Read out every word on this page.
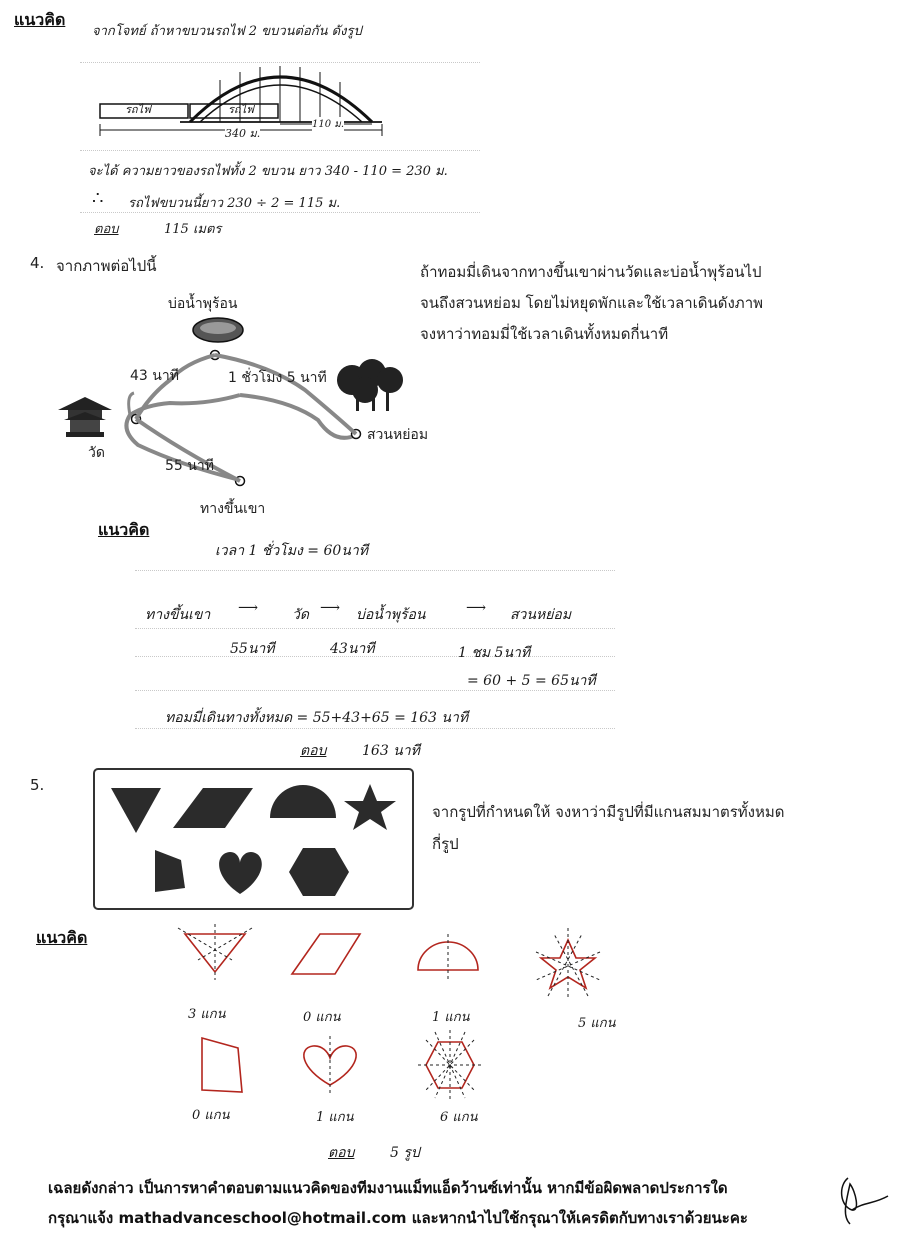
แนวคิด
จากโจทย์ ถ้าหาขบวนรถไฟ 2 ขบวนต่อกัน ดังรูป
รถไฟ	รถไฟ
340 ม.
110 ม.
จะได้ ความยาวของรถไฟทั้ง 2 ขบวน ยาว 340 - 110 = 230 ม.
∴ รถไฟขบวนนี้ยาว 230 ÷ 2 = 115 ม.
ตอบ	115 เมตร
4. จากภาพต่อไปนี้	ถ้าทอมมี่เดินจากทางขึ้นเขาผ่านวัดและบ่อน้ำพุร้อนไป
จนถึงสวนหย่อม โดยไม่หยุดพักและใช้เวลาเดินดังภาพ
จงหาว่าทอมมี่ใช้เวลาเดินทั้งหมดกี่นาที
บ่อน้ำพุร้อน
43 นาที	1 ชั่วโมง 5 นาที
สวนหย่อม
วัด
55 นาที
ทางขึ้นเขา
แนวคิด
เวลา 1 ชั่วโมง = 60นาที
ทางขึ้นเขา ⟶ วัด ⟶ บ่อน้ำพุร้อน	⟶ สวนหย่อม
55นาที	43นาที	1 ชม 5นาที
= 60 + 5 = 65นาที
ทอมมี่เดินทางทั้งหมด = 55+43+65 = 163 นาที
ตอบ	163 นาที
5.
จากรูปที่กำหนดให้ จงหาว่ามีรูปที่มีแกนสมมาตรทั้งหมด
กี่รูป
แนวคิด
3 แกน	0 แกน	1 แกน	5 แกน
0 แกน	1 แกน	6 แกน
ตอบ	5 รูป
เฉลยดังกล่าว เป็นการหาคำตอบตามแนวคิดของทีมงานแม็ทแอ็ดว้านซ์เท่านั้น หากมีข้อผิดพลาดประการใด
กรุณาแจ้ง mathadvanceschool@hotmail.com และหากนำไปใช้กรุณาให้เครดิตกับทางเราด้วยนะคะ
